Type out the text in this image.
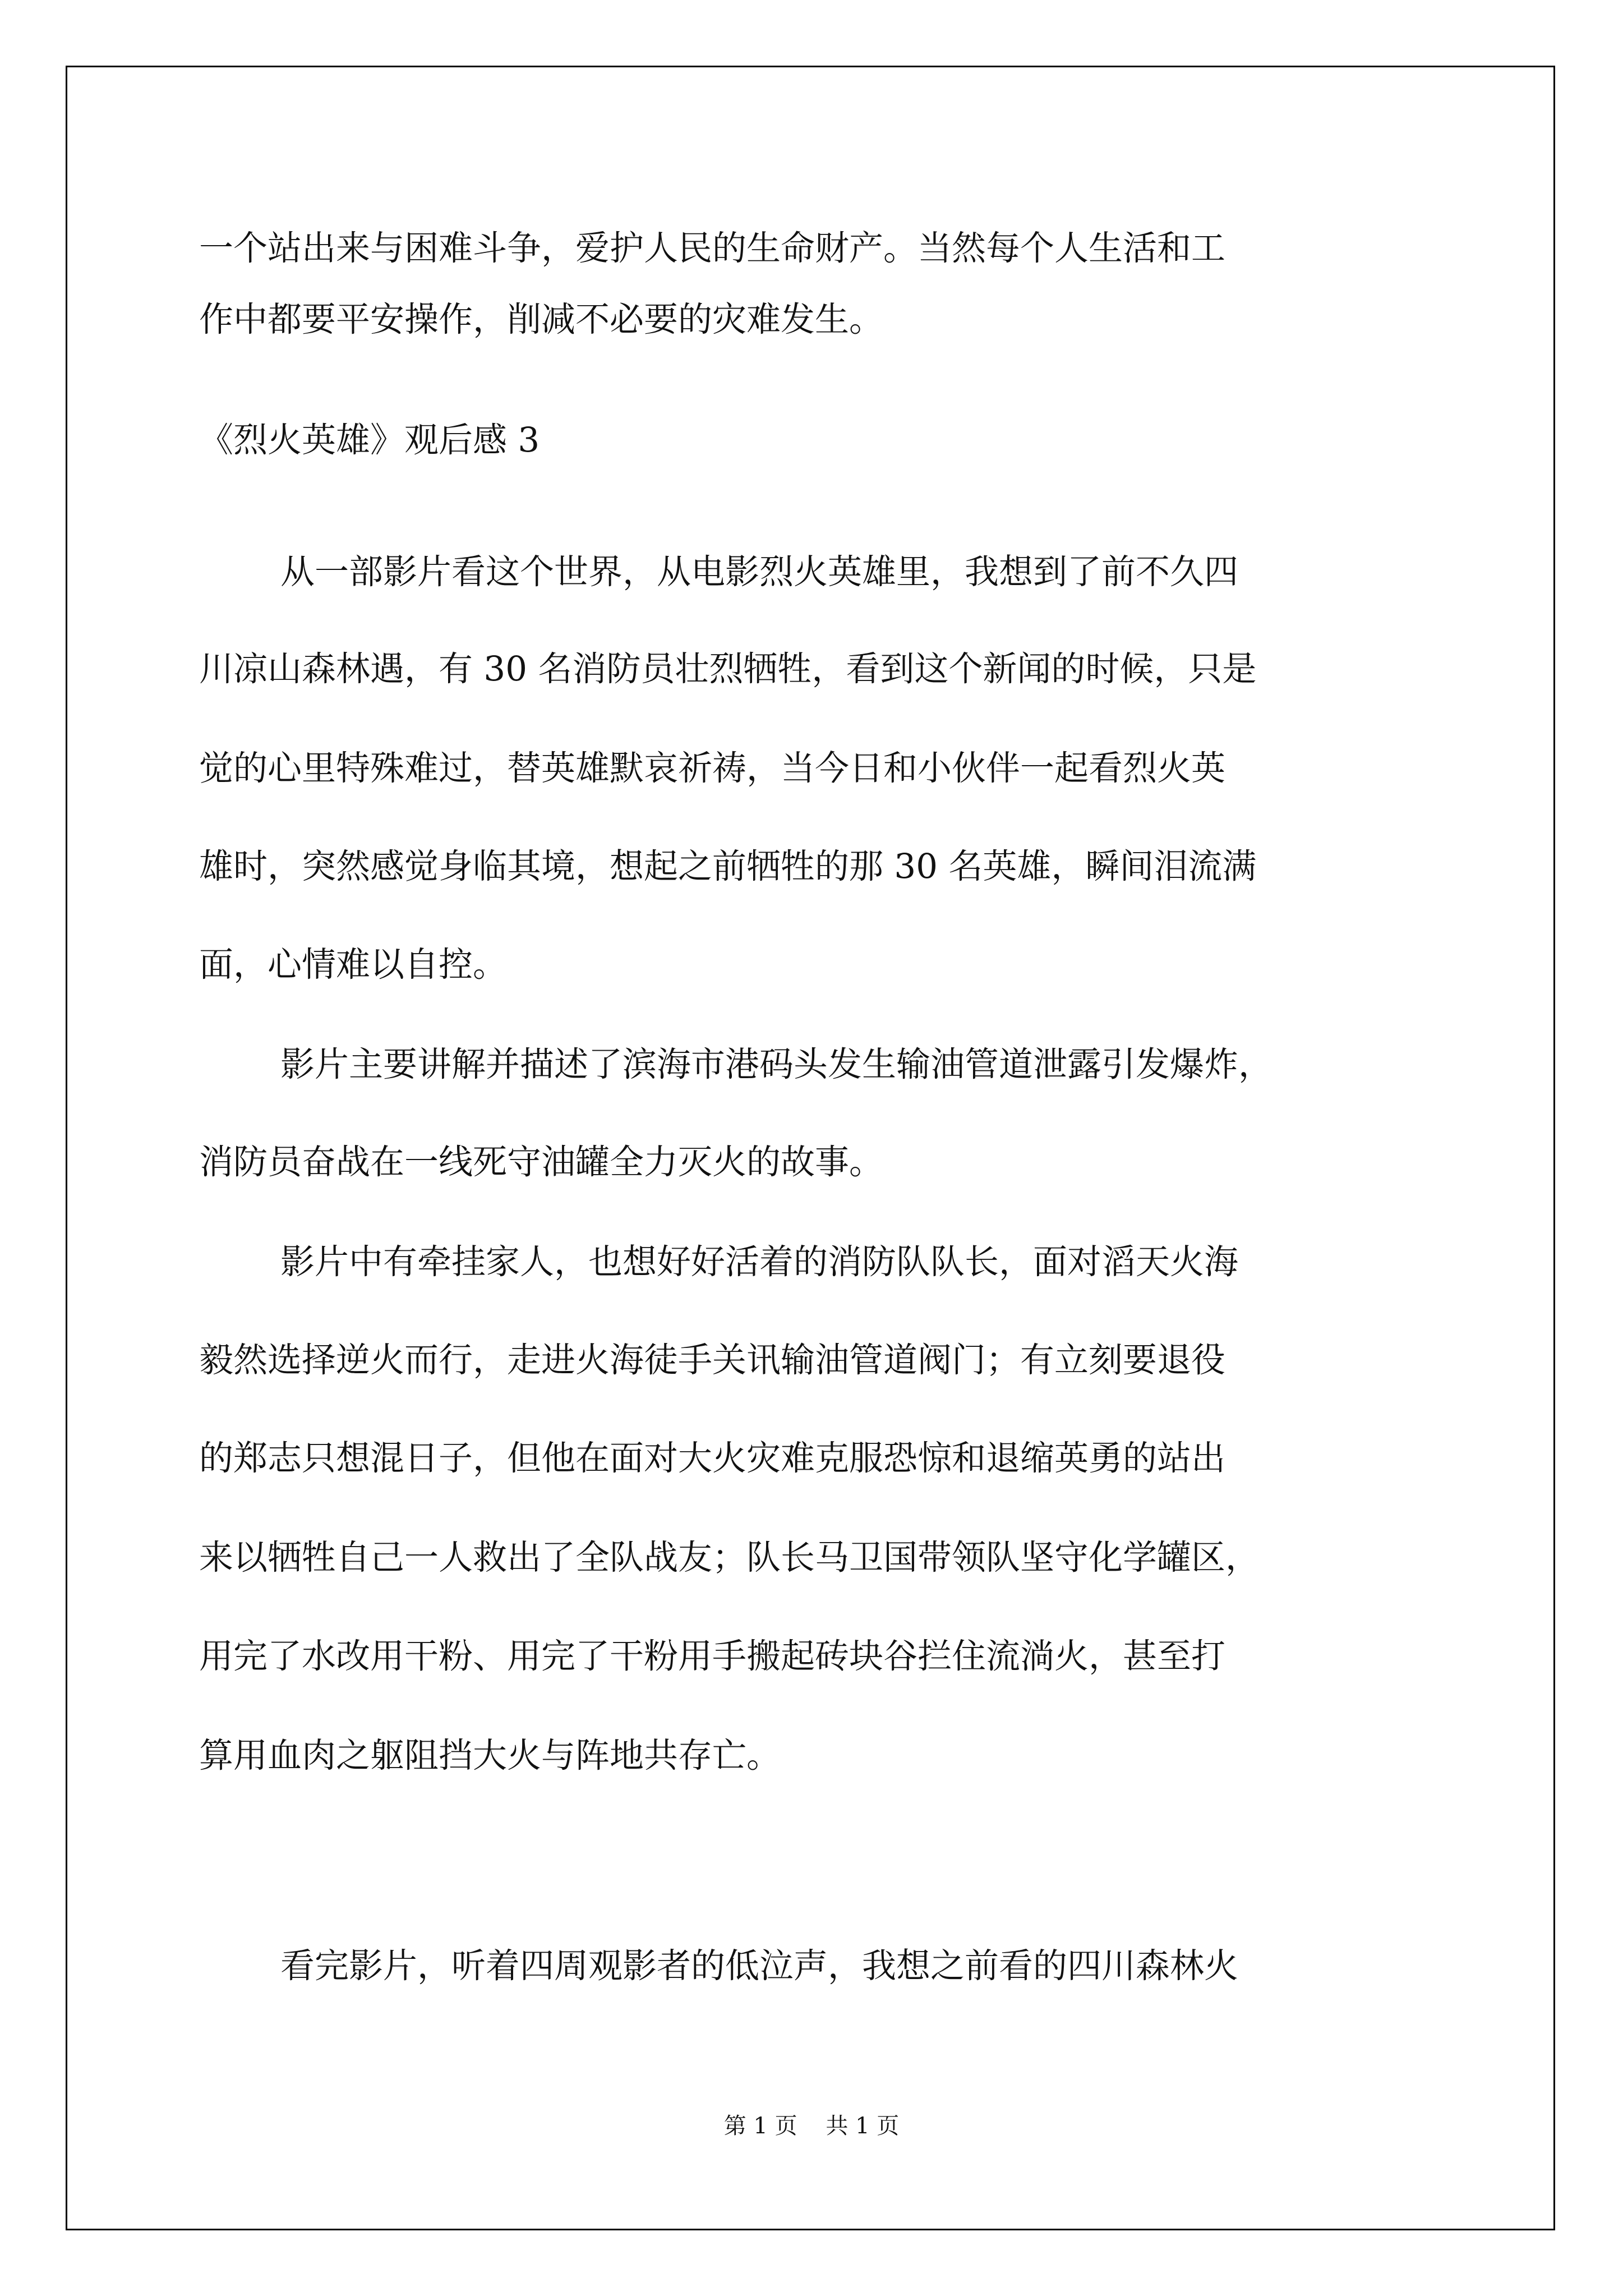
一个站出来与困难斗争，爱护人民的生命财产。当然每个人生活和工

作中都要平安操作，削减不必要的灾难发生。

《烈火英雄》观后感 3

从一部影片看这个世界，从电影烈火英雄里，我想到了前不久四

川凉山森林遇，有 30 名消防员壮烈牺牲，看到这个新闻的时候，只是

觉的心里特殊难过，替英雄默哀祈祷，当今日和小伙伴一起看烈火英

雄时，突然感觉身临其境，想起之前牺牲的那 30 名英雄，瞬间泪流满

面，心情难以自控。

影片主要讲解并描述了滨海市港码头发生输油管道泄露引发爆炸，

消防员奋战在一线死守油罐全力灭火的故事。

影片中有牵挂家人，也想好好活着的消防队队长，面对滔天火海

毅然选择逆火而行，走进火海徒手关讯输油管道阀门；有立刻要退役

的郑志只想混日子，但他在面对大火灾难克服恐惊和退缩英勇的站出

来以牺牲自己一人救出了全队战友；队长马卫国带领队坚守化学罐区，

用完了水改用干粉、用完了干粉用手搬起砖块谷拦住流淌火，甚至打

算用血肉之躯阻挡大火与阵地共存亡。

看完影片，听着四周观影者的低泣声，我想之前看的四川森林火

第 1 页    共 1 页
